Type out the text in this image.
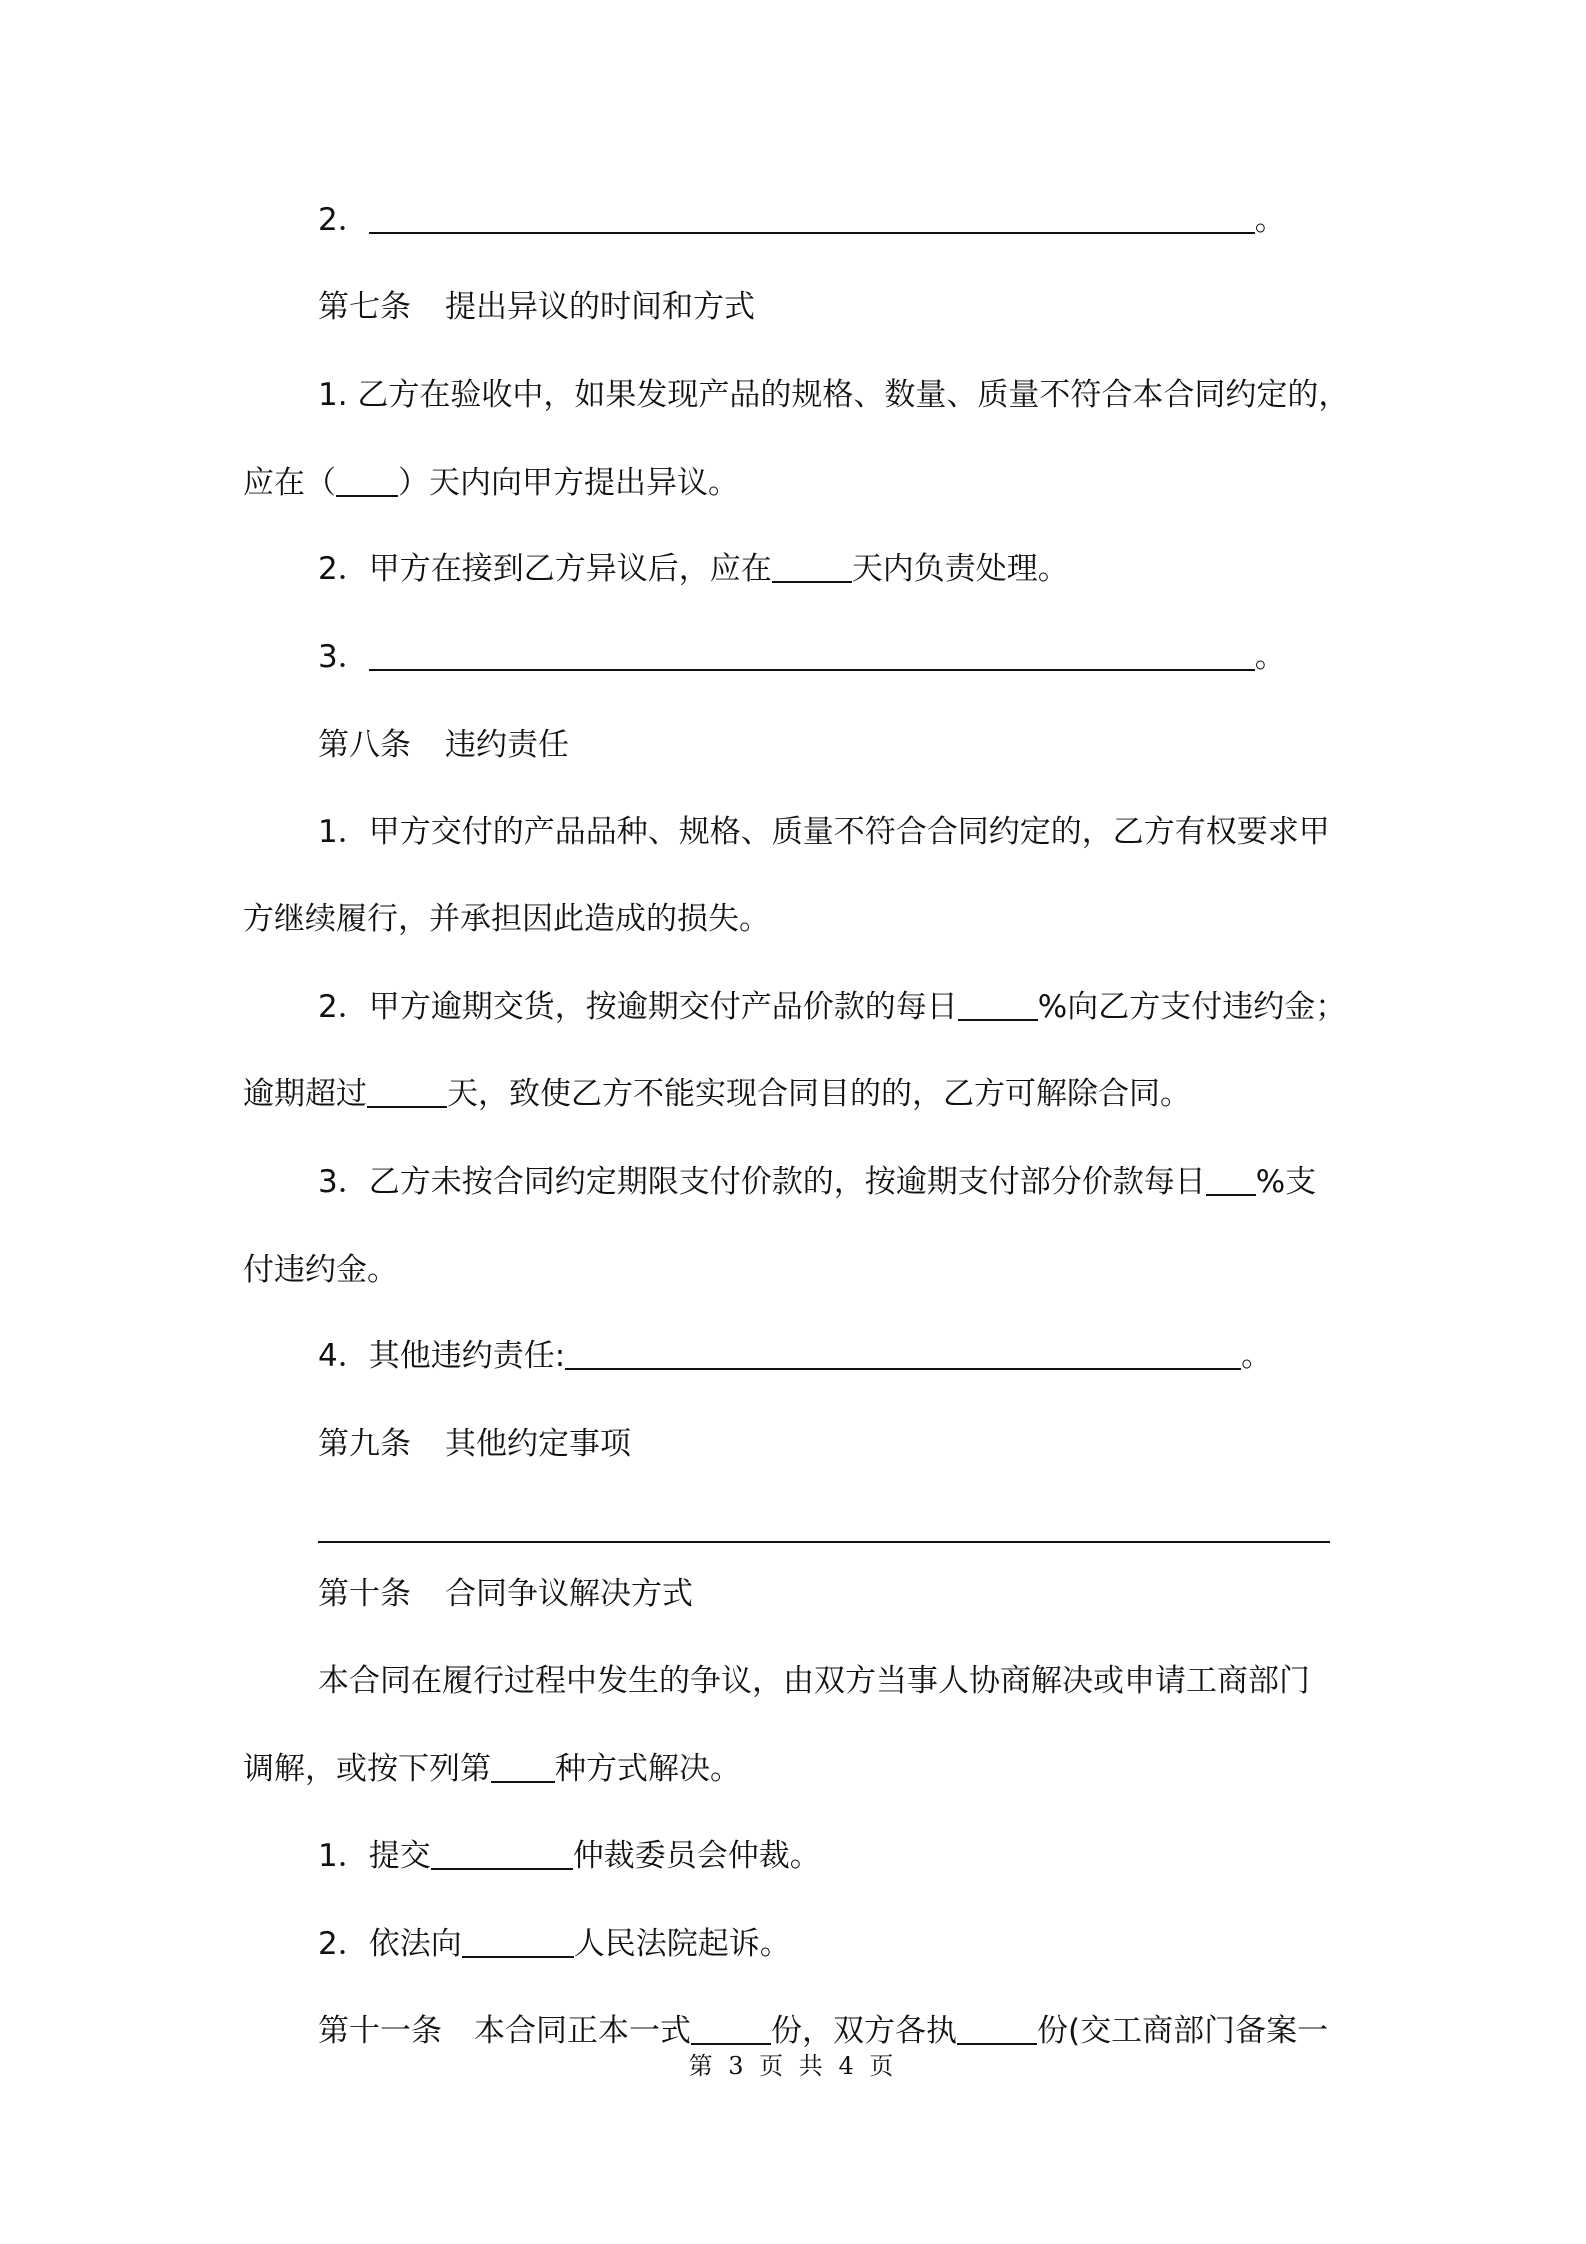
2．	。
第七条 提出异议的时间和方式
1. 乙方在验收中，如果发现产品的规格、数量、质量不符合本合同约定的，
应在（ ）天内向甲方提出异议。
2．甲方在接到乙方异议后，应在	天内负责处理。
3．	。
第八条 违约责任
1．甲方交付的产品品种、规格、质量不符合合同约定的，乙方有权要求甲
方继续履行，并承担因此造成的损失。
2．甲方逾期交货，按逾期交付产品价款的每日	%向乙方支付违约金；
逾期超过	天，致使乙方不能实现合同目的的，乙方可解除合同。
3．乙方未按合同约定期限支付价款的，按逾期支付部分价款每日 %支
付违约金。
4．其他违约责任:	。
第九条 其他约定事项
第十条 合同争议解决方式
本合同在履行过程中发生的争议，由双方当事人协商解决或申请工商部门
调解，或按下列第 种方式解决。
1．提交	仲裁委员会仲裁。
2．依法向	人民法院起诉。
第十一条 本合同正本一式	份，双方各执	份(交工商部门备案一
第 3 页 共 4 页
